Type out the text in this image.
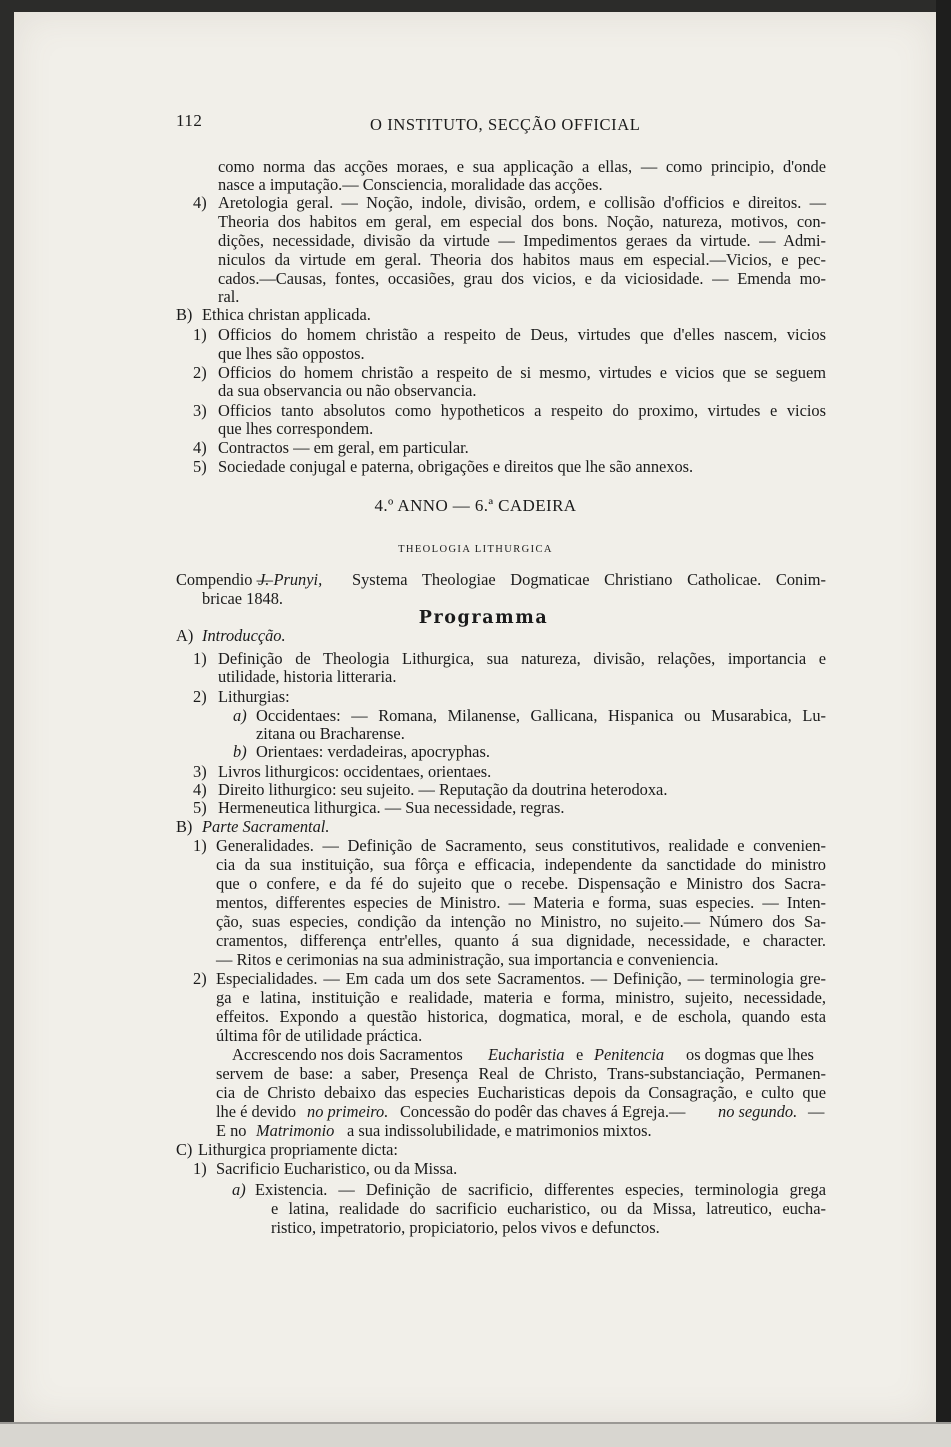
112	O INSTITUTO, SECÇÃO OFFICIAL
como norma das acções moraes, e sua applicação a ellas, — como principio, d'onde
nasce a imputação.— Consciencia, moralidade das acções.
4) Aretologia geral. — Noção, indole, divisão, ordem, e collisão d'officios e direitos. —
Theoria dos habitos em geral, em especial dos bons. Noção, natureza, motivos, con-
dições, necessidade, divisão da virtude — Impedimentos geraes da virtude. — Admi-
niculos da virtude em geral. Theoria dos habitos maus em especial.—Vicios, e pec-
cados.—Causas, fontes, occasiões, grau dos vicios, e da viciosidade. — Emenda mo-
ral.
B) Ethica christan applicada.
1) Officios do homem christão a respeito de Deus, virtudes que d'elles nascem, vicios
que lhes são oppostos.
2) Officios do homem christão a respeito de si mesmo, virtudes e vicios que se seguem
da sua observancia ou não observancia.
3) Officios tanto absolutos como hypotheticos a respeito do proximo, virtudes e vicios
que lhes correspondem.
4) Contractos — em geral, em particular.
5) Sociedade conjugal e paterna, obrigações e direitos que lhe são annexos.
4.º ANNO — 6.ª CADEIRA
THEOLOGIA LITHURGICA
Compendio —
J. Prunyi, Systema Theologiae Dogmaticae Christiano Catholicae. Conim-
bricae 1848.
Programma
A) Introducção.
1) Definição de Theologia Lithurgica, sua natureza, divisão, relações, importancia e
utilidade, historia litteraria.
2) Lithurgias:
a) Occidentaes: — Romana, Milanense, Gallicana, Hispanica ou Musarabica, Lu-
zitana ou Bracharense.
b) Orientaes: verdadeiras, apocryphas.
3) Livros lithurgicos: occidentaes, orientaes.
4) Direito lithurgico: seu sujeito. — Reputação da doutrina heterodoxa.
5) Hermeneutica lithurgica. — Sua necessidade, regras.
B) Parte Sacramental.
1) Generalidades. — Definição de Sacramento, seus constitutivos, realidade e convenien-
cia da sua instituição, sua fôrça e efficacia, independente da sanctidade do ministro
que o confere, e da fé do sujeito que o recebe. Dispensação e Ministro dos Sacra-
mentos, differentes especies de Ministro. — Materia e forma, suas especies. — Inten-
ção, suas especies, condição da intenção no Ministro, no sujeito.— Número dos Sa-
cramentos, differença entr'elles, quanto á sua dignidade, necessidade, e character.
— Ritos e cerimonias na sua administração, sua importancia e conveniencia.
2) Especialidades. — Em cada um dos sete Sacramentos. — Definição, — terminologia gre-
ga e latina, instituição e realidade, materia e forma, ministro, sujeito, necessidade,
effeitos. Expondo a questão historica, dogmatica, moral, e de eschola, quando esta
última fôr de utilidade práctica.
Accrescendo nos dois Sacramentos Eucharistia e Penitencia os dogmas que lhes
servem de base: a saber, Presença Real de Christo, Trans-substanciação, Permanen-
cia de Christo debaixo das especies Eucharisticas depois da Consagração, e culto que
lhe é devido no primeiro. Concessão do podêr das chaves á Egreja.— no segundo. —
E no Matrimonio a sua indissolubilidade, e matrimonios mixtos.
C) Lithurgica propriamente dicta:
1) Sacrificio Eucharistico, ou da Missa.
a) Existencia. — Definição de sacrificio, differentes especies, terminologia grega
e latina, realidade do sacrificio eucharistico, ou da Missa, latreutico, eucha-
ristico, impetratorio, propiciatorio, pelos vivos e defunctos.
